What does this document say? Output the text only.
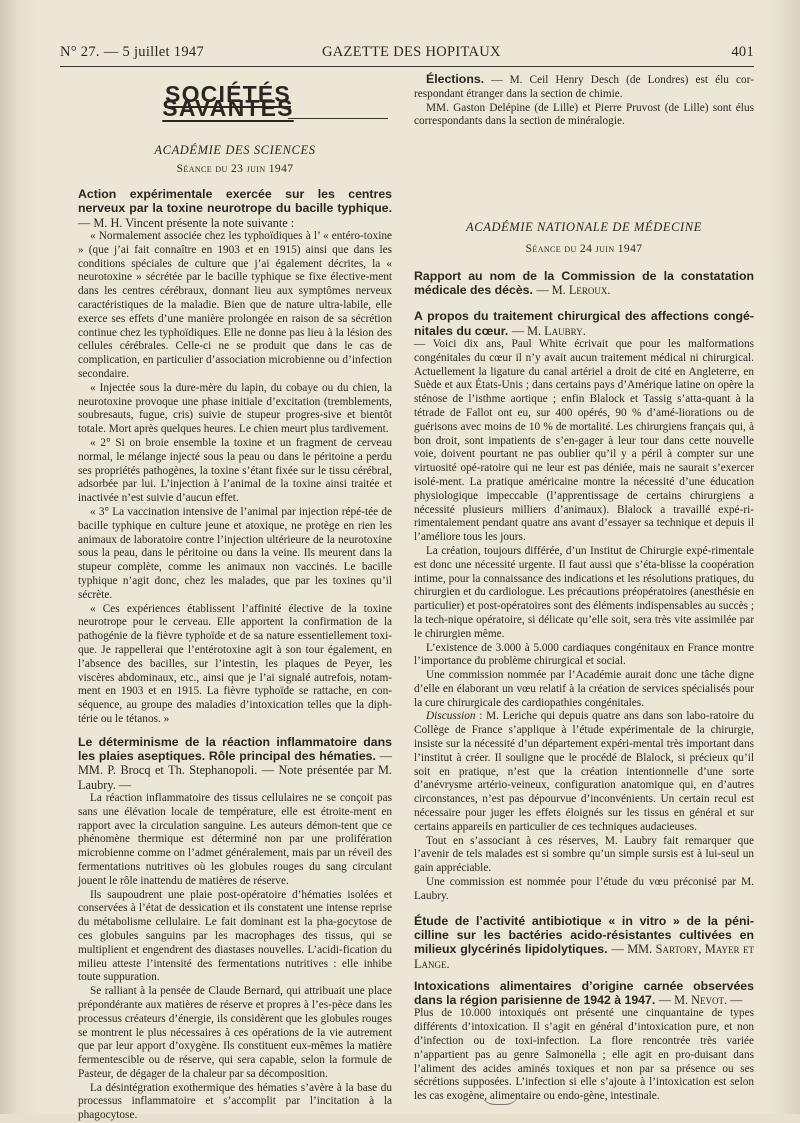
N° 27. — 5 juillet 1947	GAZETTE DES HOPITAUX	401
SOCIÉTÉS SAVANTES

ACADÉMIE DES SCIENCES

Séance du 23 juin 1947

Action expérimentale exercée sur les centres nerveux par la toxine neurotrope du bacille typhique. — M. H. Vincent présente la note suivante :

« Normalement associée chez les typhoïdiques à l’ « entéro-toxine » (que j’ai fait connaître en 1903 et en 1915) ainsi que dans les conditions spéciales de culture que j’ai également décrites, la « neurotoxine » sécrétée par le bacille typhique se fixe élective-ment dans les centres cérébraux, donnant lieu aux symptômes nerveux caractéristiques de la maladie. Bien que de nature ultra-labile, elle exerce ses effets d’une manière prolongée en raison de sa sécrétion continue chez les typhoïdiques. Elle ne donne pas lieu à la lésion des cellules cérébrales. Celle-ci ne se produit que dans le cas de complication, en particulier d’association microbienne ou d’infection secondaire.

« Injectée sous la dure-mère du lapin, du cobaye ou du chien, la neurotoxine provoque une phase initiale d’excitation (tremblements, soubresauts, fugue, cris) suivie de stupeur progres-sive et bientôt totale. Mort après quelques heures. Le chien meurt plus tardivement.

« 2° Si on broie ensemble la toxine et un fragment de cerveau normal, le mélange injecté sous la peau ou dans le péritoine a perdu ses propriétés pathogènes, la toxine s’étant fixée sur le tissu cérébral, adsorbée par lui. L’injection à l’animal de la toxine ainsi traitée et inactivée n’est suivie d’aucun effet.

« 3° La vaccination intensive de l’animal par injection répé-tée de bacille typhique en culture jeune et atoxique, ne protège en rien les animaux de laboratoire contre l’injection ultérieure de la neurotoxine sous la peau, dans le péritoine ou dans la veine. Ils meurent dans la stupeur complète, comme les animaux non vaccinés. Le bacille typhique n’agit donc, chez les malades, que par les toxines qu’il sécrète.

« Ces expériences établissent l’affinité élective de la toxine neurotrope pour le cerveau. Elle apportent la confirmation de la pathogénie de la fièvre typhoïde et de sa nature essentiellement toxi-que. Je rappellerai que l’entérotoxine agit à son tour également, en l’absence des bacilles, sur l’intestin, les plaques de Peyer, les viscères abdominaux, etc., ainsi que je l’ai signalé autrefois, notam-ment en 1903 et en 1915. La fièvre typhoïde se rattache, en con-séquence, au groupe des maladies d’intoxication telles que la diph-térie ou le tétanos. »

Le déterminisme de la réaction inflammatoire dans les plaies aseptiques. Rôle principal des hématies. — MM. P. Brocq et Th. Stephanopoli. — Note présentée par M. Laubry. —

La réaction inflammatoire des tissus cellulaires ne se conçoit pas sans une élévation locale de température, elle est étroite-ment en rapport avec la circulation sanguine. Les auteurs démon-tent que ce phénomène thermique est déterminé non par une prolifération microbienne comme on l’admet généralement, mais par un réveil des fermentations nutritives où les globules rouges du sang circulant jouent le rôle inattendu de matières de réserve.

Ils saupoudrent une plaie post-opératoire d’hématies isolées et conservées à l’état de dessication et ils constatent une intense reprise du métabolisme cellulaire. Le fait dominant est la pha-gocytose de ces globules sanguins par les macrophages des tissus, qui se multiplient et engendrent des diastases nouvelles. L’acidi-fication du milieu atteste l’intensité des fermentations nutritives : elle inhibe toute suppuration.

Se ralliant à la pensée de Claude Bernard, qui attribuait une place prépondérante aux matières de réserve et propres à l’es-pèce dans les processus créateurs d’énergie, ils considèrent que les globules rouges se montrent le plus nécessaires à ces opérations de la vie autrement que par leur apport d’oxygène. Ils constituent eux-mêmes la matière fermentescible ou de réserve, qui sera capable, selon la formule de Pasteur, de dégager de la chaleur par sa décomposition.

La désintégration exothermique des hématies s’avère à la base du processus inflammatoire et s’accomplit par l’incitation à la phagocytose.

Élections. — M. Ceil Henry Desch (de Londres) est élu cor-respondant étranger dans la section de chimie.

MM. Gaston Delépine (de Lille) et Pierre Pruvost (de Lille) sont élus correspondants dans la section de minéralogie.

ACADÉMIE NATIONALE DE MÉDECINE

Séance du 24 juin 1947

Rapport au nom de la Commission de la constatation médicale des décès. — M. Leroux.

A propos du traitement chirurgical des affections congé-nitales du cœur. — M. Laubry.

— Voici dix ans, Paul White écrivait que pour les malformations congénitales du cœur il n’y avait aucun traitement médical ni chirurgical. Actuellement la ligature du canal artériel a droit de cité en Angleterre, en Suède et aux États-Unis ; dans certains pays d’Amérique latine on opère la sténose de l’isthme aortique ; enfin Blalock et Tassig s’atta-quant à la tétrade de Fallot ont eu, sur 400 opérés, 90 % d’amé-liorations ou de guérisons avec moins de 10 % de mortalité. Les chirurgiens français qui, à bon droit, sont impatients de s’en-gager à leur tour dans cette nouvelle voie, doivent pourtant ne pas oublier qu’il y a péril à compter sur une virtuosité opé-ratoire qui ne leur est pas déniée, mais ne saurait s’exercer isolé-ment. La pratique américaine montre la nécessité d’une éducation physiologique impeccable (l’apprentissage de certains chirurgiens a nécessité plusieurs milliers d’animaux). Blalock a travaillé expé-ri-rimentalement pendant quatre ans avant d’essayer sa technique et depuis il l’améliore tous les jours.

La création, toujours différée, d’un Institut de Chirurgie expé-rimentale est donc une nécessité urgente. Il faut aussi que s’éta-blisse la coopération intime, pour la connaissance des indications et les résolutions pratiques, du chirurgien et du cardiologue. Les précautions préopératoires (anesthésie en particulier) et post-opératoires sont des éléments indispensables au succès ; la tech-nique opératoire, si délicate qu’elle soit, sera très vite assimilée par le chirurgien même.

L’existence de 3.000 à 5.000 cardiaques congénitaux en France montre l’importance du problème chirurgical et social.

Une commission nommée par l’Académie aurait donc une tâche digne d’elle en élaborant un vœu relatif à la création de services spécialisés pour la cure chirurgicale des cardiopathies congénitales.

Discussion : M. Leriche qui depuis quatre ans dans son labo-ratoire du Collège de France s’applique à l’étude expérimentale de la chirurgie, insiste sur la nécessité d’un département expéri-mental très important dans l’institut à créer. Il souligne que le procédé de Blalock, si précieux qu’il soit en pratique, n’est que la création intentionnelle d’une sorte d’anévrysme artério-veineux, configuration anatomique qui, en d’autres circonstances, n’est pas dépourvue d’inconvénients. Un certain recul est nécessaire pour juger les effets éloignés sur les tissus en général et sur certains appareils en particulier de ces techniques audacieuses.

Tout en s’associant à ces réserves, M. Laubry fait remarquer que l’avenir de tels malades est si sombre qu’un simple sursis est à lui-seul un gain appréciable.

Une commission est nommée pour l’étude du vœu préconisé par M. Laubry.

Étude de l’activité antibiotique « in vitro » de la péni-cilline sur les bactéries acido-résistantes cultivées en milieux glycérinés lipidolytiques. — MM. Sartory, Mayer et Lange.

Intoxications alimentaires d’origine carnée observées dans la région parisienne de 1942 à 1947. — M. Nevot. —

Plus de 10.000 intoxiqués ont présenté une cinquantaine de types différents d’intoxication. Il s’agit en général d’intoxication pure, et non d’infection ou de toxi-infection. La flore rencontrée très variée n’appartient pas au genre Salmonella ; elle agit en pro-duisant dans l’aliment des acides aminés toxiques et non par sa présence ou ses sécrétions supposées. L’infection si elle s’ajoute à l’intoxication est selon les cas exogène, alimentaire ou endo-gène, intestinale.
